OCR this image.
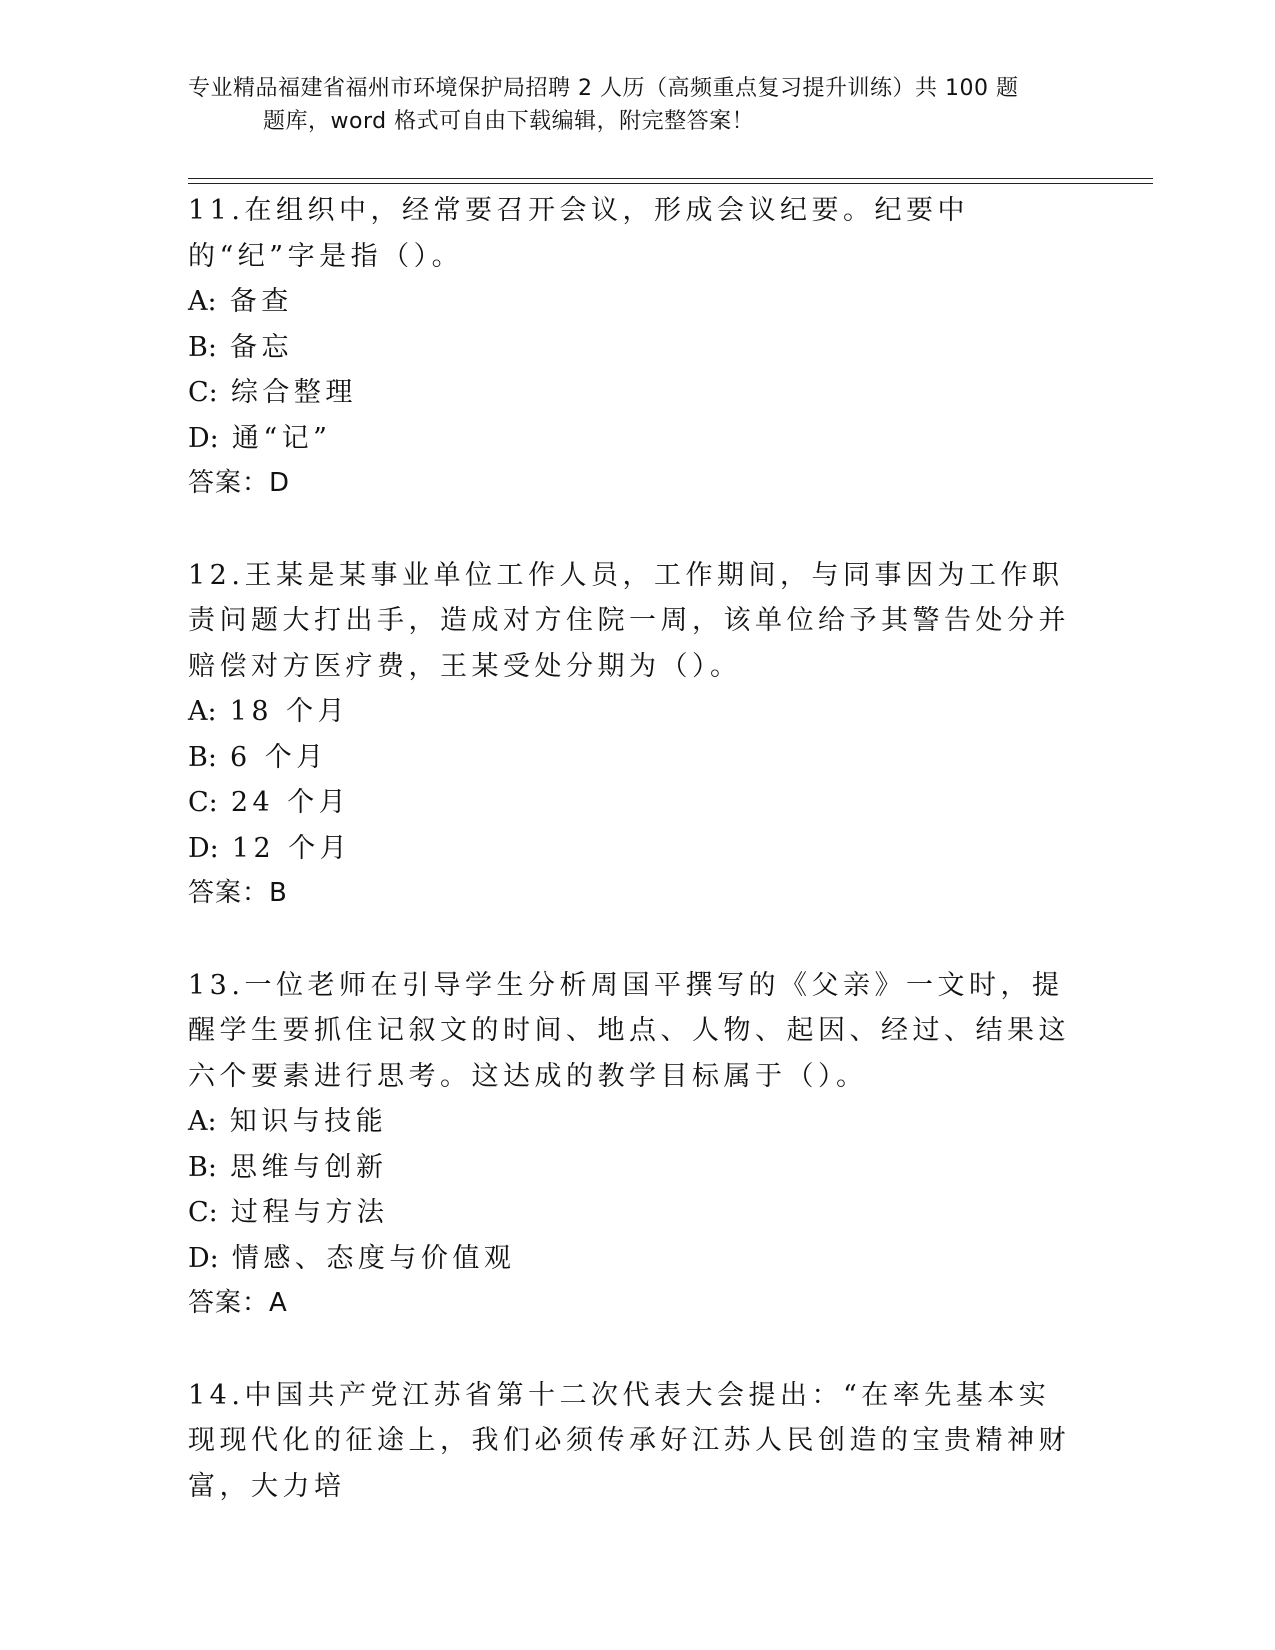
专业精品福建省福州市环境保护局招聘 2 人历（高频重点复习提升训练）共 100 题
题库，word 格式可自由下载编辑，附完整答案！

11.在组织中，经常要召开会议，形成会议纪要。纪要中的“纪”字是指（）。

A: 备查
B: 备忘
C: 综合整理
D: 通“记”
答案：D

12.王某是某事业单位工作人员，工作期间，与同事因为工作职责问题大打出手，造成对方住院一周，该单位给予其警告处分并赔偿对方医疗费，王某受处分期为（）。

A: 18 个月
B: 6 个月
C: 24 个月
D: 12 个月
答案：B

13.一位老师在引导学生分析周国平撰写的《父亲》一文时，提醒学生要抓住记叙文的时间、地点、人物、起因、经过、结果这六个要素进行思考。这达成的教学目标属于（）。

A: 知识与技能
B: 思维与创新
C: 过程与方法
D: 情感、态度与价值观
答案：A

14.中国共产党江苏省第十二次代表大会提出：“在率先基本实现现代化的征途上，我们必须传承好江苏人民创造的宝贵精神财富，大力培
